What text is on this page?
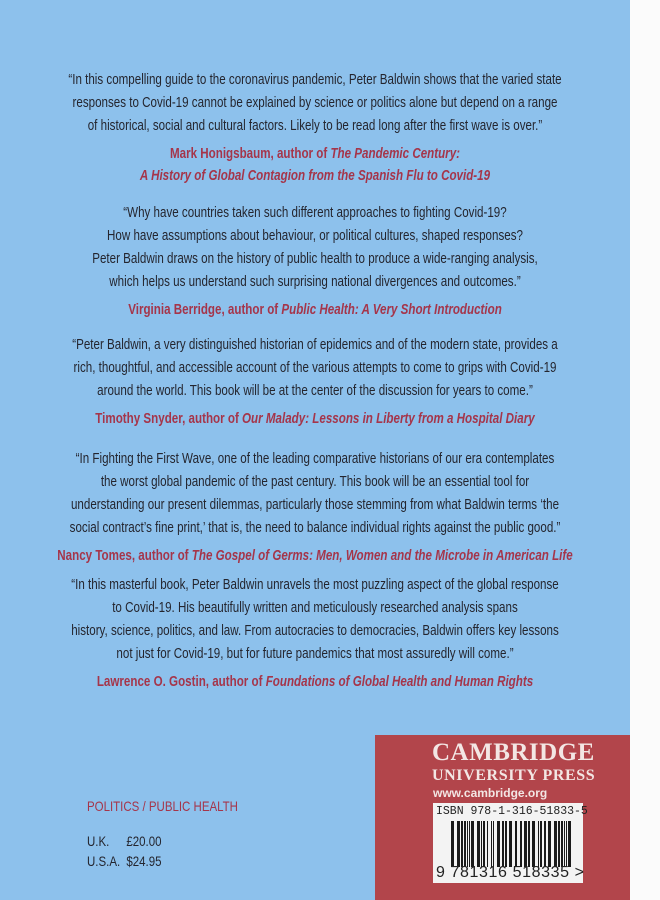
“In this compelling guide to the coronavirus pandemic, Peter Baldwin shows that the varied state
responses to Covid-19 cannot be explained by science or politics alone but depend on a range
of historical, social and cultural factors. Likely to be read long after the first wave is over.”
Mark Honigsbaum, author of The Pandemic Century:
A History of Global Contagion from the Spanish Flu to Covid-19
“Why have countries taken such different approaches to fighting Covid-19?
How have assumptions about behaviour, or political cultures, shaped responses?
Peter Baldwin draws on the history of public health to produce a wide-ranging analysis,
which helps us understand such surprising national divergences and outcomes.”
Virginia Berridge, author of Public Health: A Very Short Introduction
“Peter Baldwin, a very distinguished historian of epidemics and of the modern state, provides a
rich, thoughtful, and accessible account of the various attempts to come to grips with Covid-19
around the world. This book will be at the center of the discussion for years to come.”
Timothy Snyder, author of Our Malady: Lessons in Liberty from a Hospital Diary
“In Fighting the First Wave, one of the leading comparative historians of our era contemplates
the worst global pandemic of the past century. This book will be an essential tool for
understanding our present dilemmas, particularly those stemming from what Baldwin terms ‘the
social contract’s fine print,’ that is, the need to balance individual rights against the public good.”
Nancy Tomes, author of The Gospel of Germs: Men, Women and the Microbe in American Life
“In this masterful book, Peter Baldwin unravels the most puzzling aspect of the global response
to Covid-19. His beautifully written and meticulously researched analysis spans
history, science, politics, and law. From autocracies to democracies, Baldwin offers key lessons
not just for Covid-19, but for future pandemics that most assuredly will come.”
Lawrence O. Gostin, author of Foundations of Global Health and Human Rights
POLITICS / PUBLIC HEALTH
U.K. £20.00
U.S.A. $24.95
CAMBRIDGE
UNIVERSITY PRESS
www.cambridge.org
ISBN 978-1-316-51833-5
9 781316 518335 >
